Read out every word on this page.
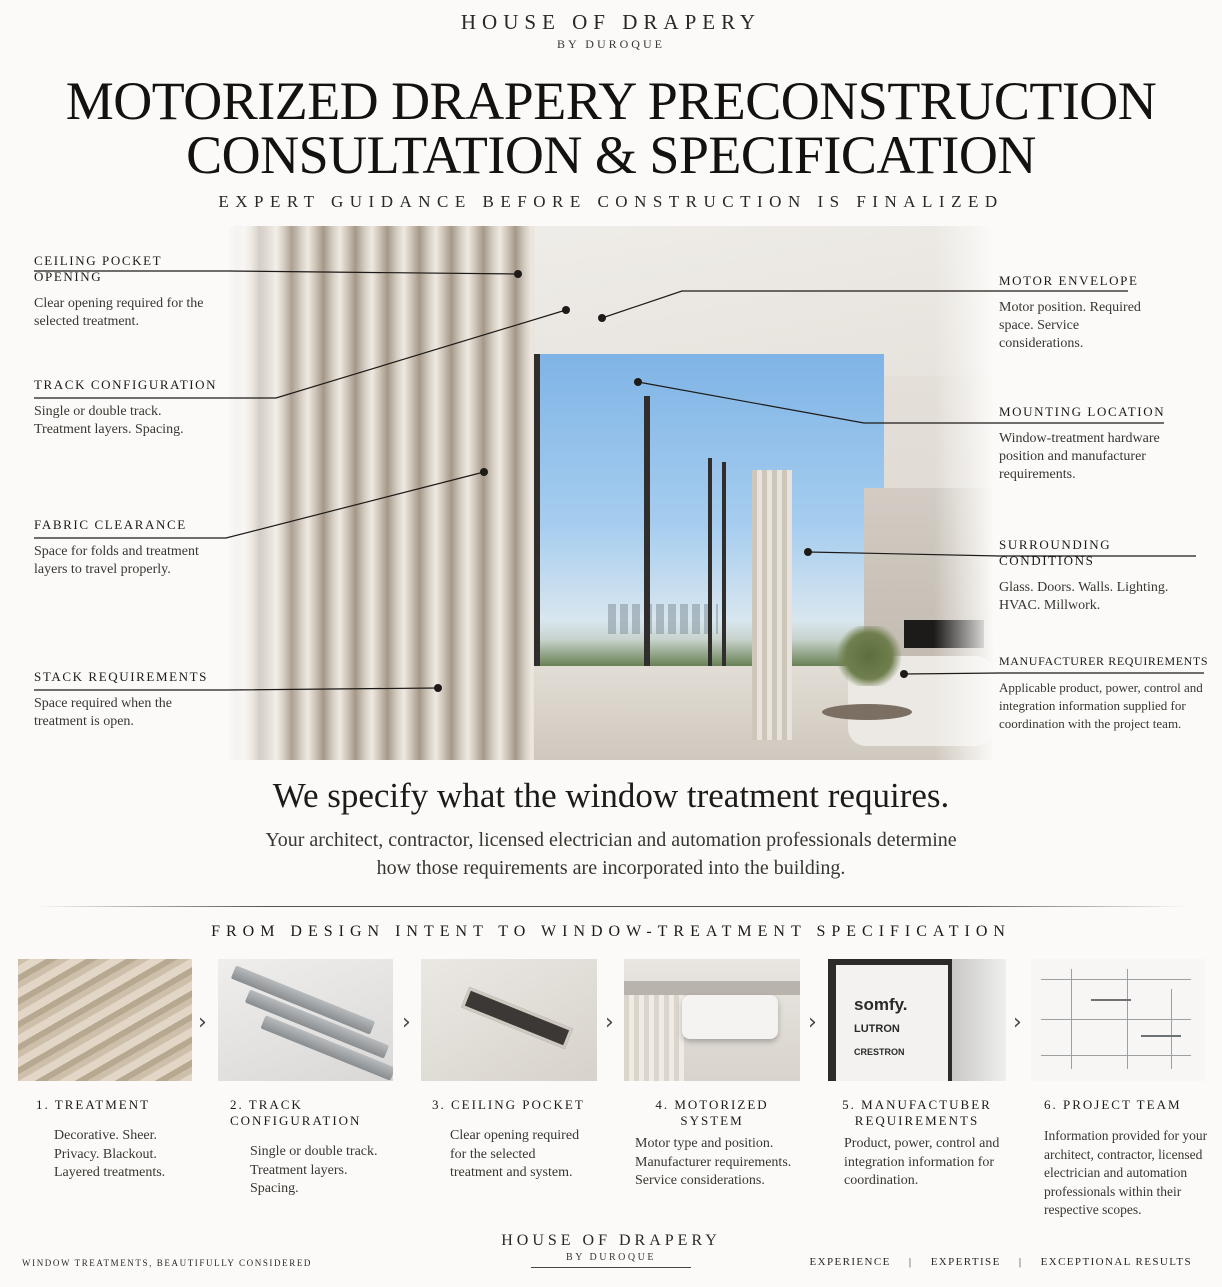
HOUSE OF DRAPERY
BY DUROQUE
MOTORIZED DRAPERY PRECONSTRUCTION
CONSULTATION & SPECIFICATION
EXPERT GUIDANCE BEFORE CONSTRUCTION IS FINALIZED
CEILING POCKET OPENING
Clear opening required for the selected treatment.
TRACK CONFIGURATION
Single or double track. Treatment layers. Spacing.
FABRIC CLEARANCE
Space for folds and treatment layers to travel properly.
STACK REQUIREMENTS
Space required when the treatment is open.
MOTOR ENVELOPE
Motor position. Required space. Service considerations.
MOUNTING LOCATION
Window-treatment hardware position and manufacturer requirements.
SURROUNDING CONDITIONS
Glass. Doors. Walls. Lighting. HVAC. Millwork.
MANUFACTURER REQUIREMENTS
Applicable product, power, control and integration information supplied for coordination with the project team.
We specify what the window treatment requires.
Your architect, contractor, licensed electrician and automation professionals determine
how those requirements are incorporated into the building.
FROM DESIGN INTENT TO WINDOW-TREATMENT SPECIFICATION
1. TREATMENT
Decorative. Sheer. Privacy. Blackout. Layered treatments.
›
2. TRACK CONFIGURATION
Single or double track. Treatment layers. Spacing.
›
3. CEILING POCKET
Clear opening required for the selected treatment and system.
›
4. MOTORIZED SYSTEM
Motor type and position. Manufacturer requirements. Service considerations.
›
somfy.
LUTRON
CRESTRON
5. MANUFACTUBER REQUIREMENTS
Product, power, control and integration information for coordination.
›
6. PROJECT TEAM
Information provided for your architect, contractor, licensed electrician and automation professionals within their respective scopes.
HOUSE OF DRAPERY
BY DUROQUE
WINDOW TREATMENTS, BEAUTIFULLY CONSIDERED	EXPERIENCE | EXPERTISE | EXCEPTIONAL RESULTS
